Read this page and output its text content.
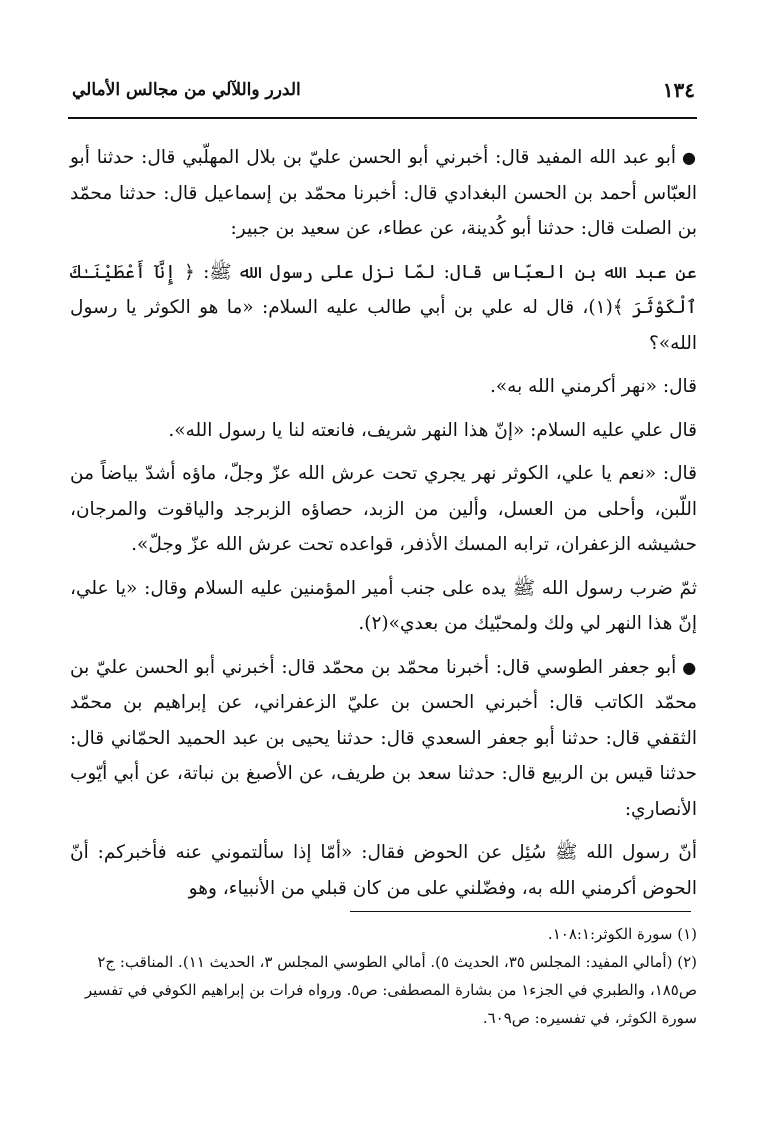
١٣٤
الدرر واللآلي من مجالس الأمالي

●أبو عبد الله المفيد قال: أخبرني أبو الحسن عليّ بن بلال المهلّبي قال: حدثنا أبو العبّاس أحمد بن الحسن البغدادي قال: أخبرنا محمّد بن إسماعيل قال: حدثنا محمّد بن الصلت قال: حدثنا أبو كُدينة، عن عطاء، عن سعيد بن جبير:

عن عبد الله بن العبّاس قال: لمّا نزل على رسول الله ﷺ: ﴿ إِنَّآ أَعْطَيْنَـٰكَ ٱلْكَوْثَرَ ﴾(١)، قال له علي بن أبي طالب عليه السلام: «ما هو الكوثر يا رسول الله»؟

قال: «نهر أكرمني الله به».

قال علي عليه السلام: «إنّ هذا النهر شريف، فانعته لنا يا رسول الله».

قال: «نعم يا علي، الكوثر نهر يجري تحت عرش الله عزّ وجلّ، ماؤه أشدّ بياضاً من اللّبن، وأحلى من العسل، وألين من الزبد، حصاؤه الزبرجد والياقوت والمرجان، حشيشه الزعفران، ترابه المسك الأذفر، قواعده تحت عرش الله عزّ وجلّ».

ثمّ ضرب رسول الله ﷺ يده على جنب أمير المؤمنين عليه السلام وقال: «يا علي، إنّ هذا النهر لي ولك ولمحبّيك من بعدي»(٢).

●أبو جعفر الطوسي قال: أخبرنا محمّد بن محمّد قال: أخبرني أبو الحسن عليّ بن محمّد الكاتب قال: أخبرني الحسن بن عليّ الزعفراني، عن إبراهيم بن محمّد الثقفي قال: حدثنا أبو جعفر السعدي قال: حدثنا يحيى بن عبد الحميد الحمّاني قال: حدثنا قيس بن الربيع قال: حدثنا سعد بن طريف، عن الأصبغ بن نباتة، عن أبي أيّوب الأنصاري:

أنّ رسول الله ﷺ سُئِل عن الحوض فقال: «أمّا إذا سألتموني عنه فأخبركم: أنّ الحوض أكرمني الله به، وفضّلني على من كان قبلي من الأنبياء، وهو

(١) سورة الكوثر:١٠٨:١.

(٢) (أمالي المفيد: المجلس ٣٥، الحديث ٥). أمالي الطوسي المجلس ٣، الحديث ١١). المناقب: ج٢ ص١٨٥، والطبري في الجزء١ من بشارة المصطفى: ص٥. ورواه فرات بن إبراهيم الكوفي في تفسير سورة الكوثر، في تفسيره: ص٦٠٩.
